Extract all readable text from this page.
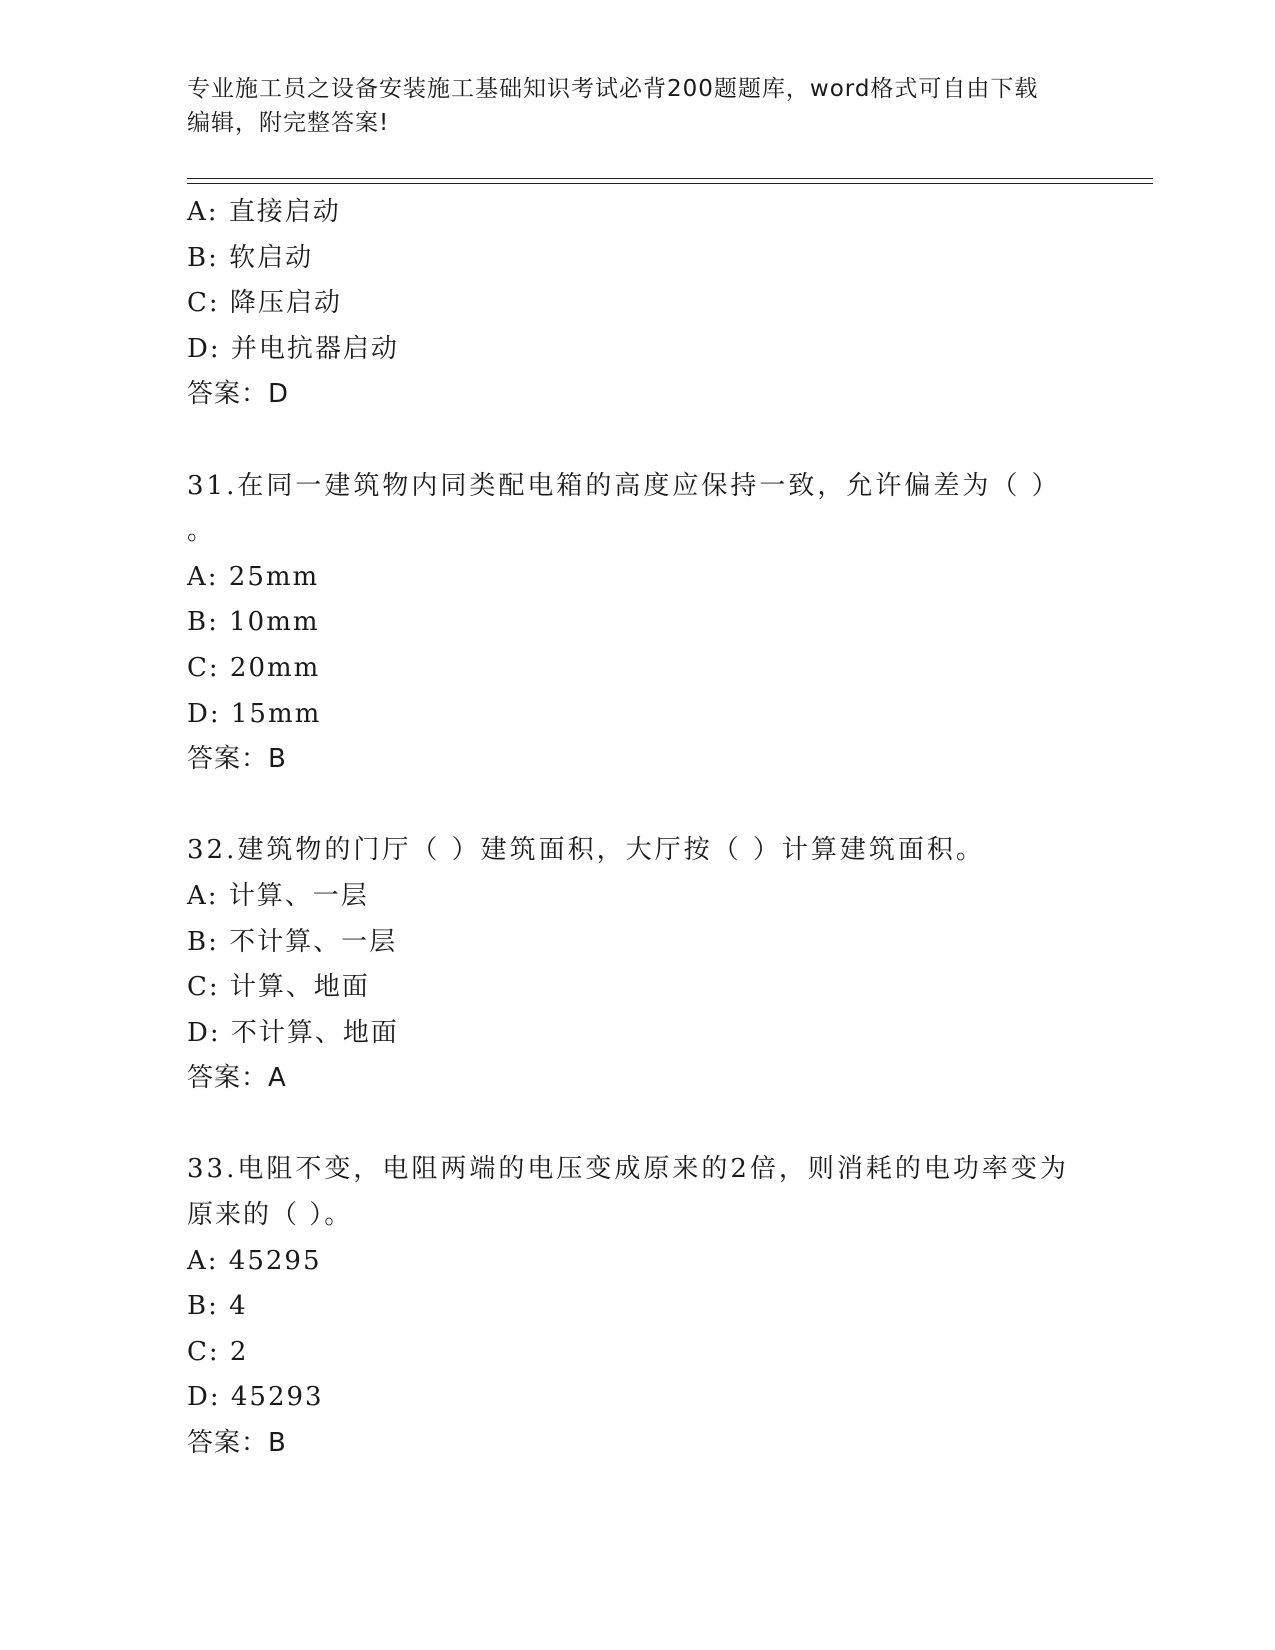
专业施工员之设备安装施工基础知识考试必背200题题库，word格式可自由下载
编辑，附完整答案!
A: 直接启动
B: 软启动
C: 降压启动
D: 并电抗器启动
答案：D
31.在同一建筑物内同类配电箱的高度应保持一致，允许偏差为（ ）
。
A: 25mm
B: 10mm
C: 20mm
D: 15mm
答案：B
32.建筑物的门厅（ ）建筑面积，大厅按（ ）计算建筑面积。
A: 计算、一层
B: 不计算、一层
C: 计算、地面
D: 不计算、地面
答案：A
33.电阻不变，电阻两端的电压变成原来的2倍，则消耗的电功率变为
原来的（ ）。
A: 45295
B: 4
C: 2
D: 45293
答案：B
